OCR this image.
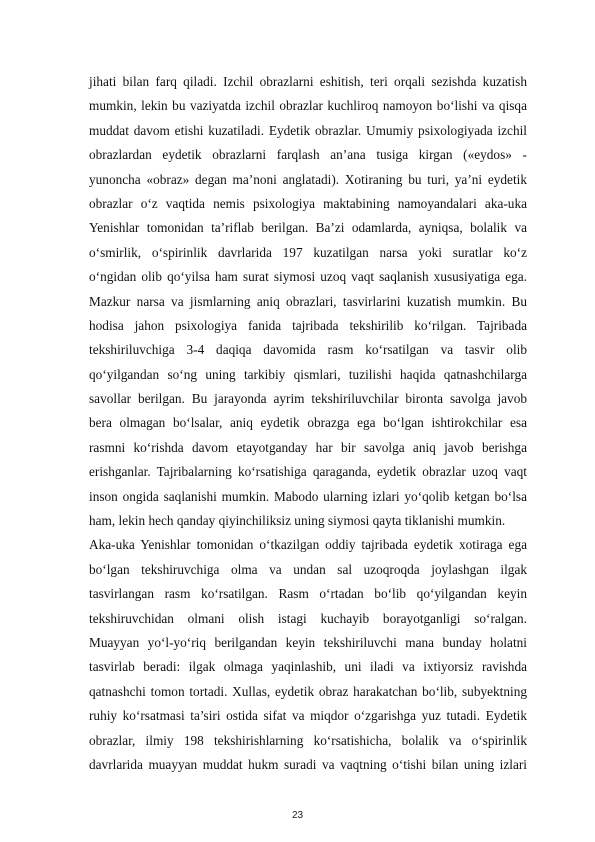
jihati bilan farq qiladi. Izchil obrazlarni eshitish, teri orqali sezishda kuzatish
mumkin, lekin bu vaziyatda izchil obrazlar kuchliroq namoyon bo‘lishi va qisqa
muddat davom etishi kuzatiladi. Eydetik obrazlar. Umumiy psixologiyada izchil
obrazlardan eydetik obrazlarni farqlash an’ana tusiga kirgan («eydos» -
yunoncha «obraz» degan ma’noni anglatadi). Xotiraning bu turi, ya’ni eydetik
obrazlar o‘z vaqtida nemis psixologiya maktabining namoyandalari aka-uka
Yenishlar tomonidan ta’riflab berilgan. Ba’zi odamlarda, ayniqsa, bolalik va
o‘smirlik, o‘spirinlik davrlarida 197 kuzatilgan narsa yoki suratlar ko‘z
o‘ngidan olib qo‘yilsa ham surat siymosi uzoq vaqt saqlanish xususiyatiga ega.
Mazkur narsa va jismlarning aniq obrazlari, tasvirlarini kuzatish mumkin. Bu
hodisa jahon psixologiya fanida tajribada tekshirilib ko‘rilgan. Tajribada
tekshiriluvchiga 3-4 daqiqa davomida rasm ko‘rsatilgan va tasvir olib
qo‘yilgandan so‘ng uning tarkibiy qismlari, tuzilishi haqida qatnashchilarga
savollar berilgan. Bu jarayonda ayrim tekshiriluvchilar bironta savolga javob
bera olmagan bo‘lsalar, aniq eydetik obrazga ega bo‘lgan ishtirokchilar esa
rasmni ko‘rishda davom etayotganday har bir savolga aniq javob berishga
erishganlar. Tajribalarning ko‘rsatishiga qaraganda, eydetik obrazlar uzoq vaqt
inson ongida saqlanishi mumkin. Mabodo ularning izlari yo‘qolib ketgan bo‘lsa
ham, lekin hech qanday qiyinchiliksiz uning siymosi qayta tiklanishi mumkin.
Aka-uka Yenishlar tomonidan o‘tkazilgan oddiy tajribada eydetik xotiraga ega
bo‘lgan tekshiruvchiga olma va undan sal uzoqroqda joylashgan ilgak
tasvirlangan rasm ko‘rsatilgan. Rasm o‘rtadan bo‘lib qo‘yilgandan keyin
tekshiruvchidan olmani olish istagi kuchayib borayotganligi so‘ralgan.
Muayyan yo‘l-yo‘riq berilgandan keyin tekshiriluvchi mana bunday holatni
tasvirlab beradi: ilgak olmaga yaqinlashib, uni iladi va ixtiyorsiz ravishda
qatnashchi tomon tortadi. Xullas, eydetik obraz harakatchan bo‘lib, subyektning
ruhiy ko‘rsatmasi ta’siri ostida sifat va miqdor o‘zgarishga yuz tutadi. Eydetik
obrazlar, ilmiy 198 tekshirishlarning ko‘rsatishicha, bolalik va o‘spirinlik
davrlarida muayyan muddat hukm suradi va vaqtning o‘tishi bilan uning izlari
23
